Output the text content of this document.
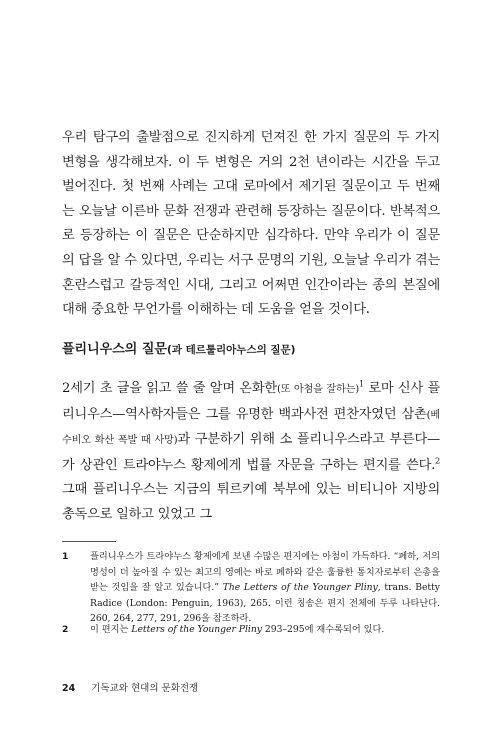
우리 탐구의 출발점으로 진지하게 던져진 한 가지 질문의 두 가지 변형을 생각해보자. 이 두 변형은 거의 2천 년이라는 시간을 두고 벌어진다. 첫 번째 사례는 고대 로마에서 제기된 질문이고 두 번째는 오늘날 이른바 문화 전쟁과 관련해 등장하는 질문이다. 반복적으로 등장하는 이 질문은 단순하지만 심각하다. 만약 우리가 이 질문의 답을 알 수 있다면, 우리는 서구 문명의 기원, 오늘날 우리가 겪는 혼란스럽고 갈등적인 시대, 그리고 어쩌면 인간이라는 종의 본질에 대해 중요한 무언가를 이해하는 데 도움을 얻을 것이다.
플리니우스의 질문(과 테르툴리아누스의 질문)
2세기 초 글을 읽고 쓸 줄 알며 온화한(또 아첨을 잘하는)$^1$ 로마 신사 플리니우스—역사학자들은 그를 유명한 백과사전 편찬자였던 삼촌(베수비오 화산 폭발 때 사망)과 구분하기 위해 소 플리니우스라고 부른다—가 상관인 트라야누스 황제에게 법률 자문을 구하는 편지를 쓴다.$^2$ 그때 플리니우스는 지금의 튀르키예 북부에 있는 비티니아 지방의 총독으로 일하고 있었고 그
1 플리니우스가 트라야누스 황제에게 보낸 수많은 편지에는 아첨이 가득하다. “폐하, 저의 명성이 더 높아질 수 있는 최고의 영예는 바로 폐하와 같은 훌륭한 통치자로부터 은총을 받는 것임을 잘 알고 있습니다.” The Letters of the Younger Pliny, trans. Betty Radice (London: Penguin, 1963), 265. 이런 칭송은 편지 전체에 두루 나타난다. 260, 264, 277, 291, 296을 참조하라.
2 이 편지는 Letters of the Younger Pliny 293–295에 재수록되어 있다.
24 기독교와 현대의 문화전쟁
